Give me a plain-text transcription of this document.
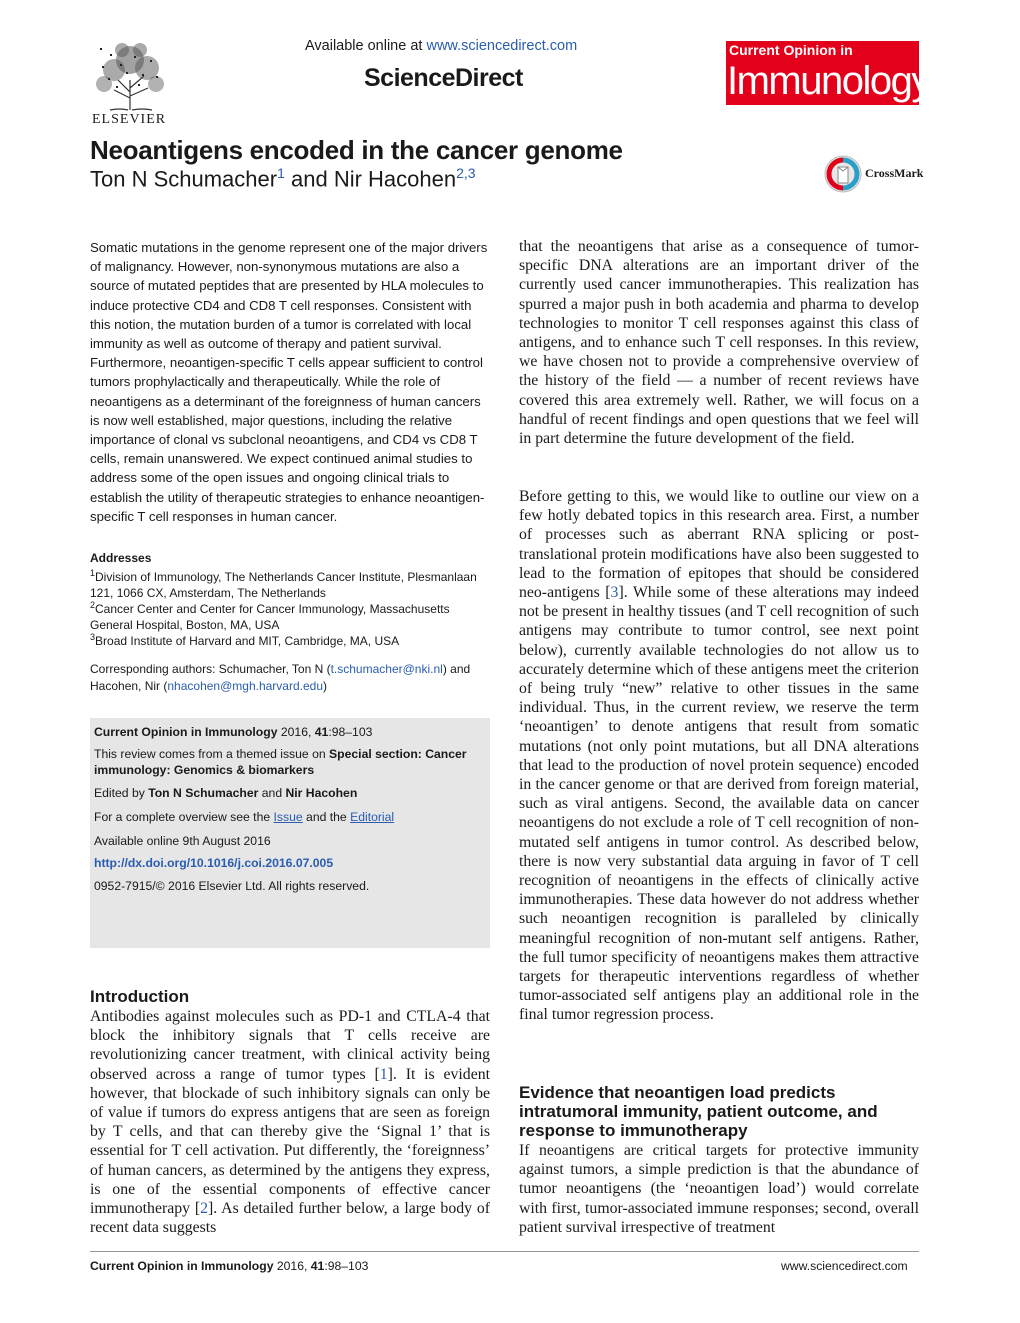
ELSEVIER
Available online at www.sciencedirect.com
ScienceDirect
Current Opinion in
Immunology
Neoantigens encoded in the cancer genome
Ton N Schumacher$^1$ and Nir Hacohen$^{2,3}$	CrossMark
Somatic mutations in the genome represent one of the major drivers of malignancy. However, non-synonymous mutations are also a source of mutated peptides that are presented by HLA molecules to induce protective CD4 and CD8 T cell responses. Consistent with this notion, the mutation burden of a tumor is correlated with local immunity as well as outcome of therapy and patient survival. Furthermore, neoantigen-specific T cells appear sufficient to control tumors prophylactically and therapeutically. While the role of neoantigens as a determinant of the foreignness of human cancers is now well established, major questions, including the relative importance of clonal vs subclonal neoantigens, and CD4 vs CD8 T cells, remain unanswered. We expect continued animal studies to address some of the open issues and ongoing clinical trials to establish the utility of therapeutic strategies to enhance neoantigen-specific T cell responses in human cancer.
Addresses
$^1$Division of Immunology, The Netherlands Cancer Institute, Plesmanlaan 121, 1066 CX, Amsterdam, The Netherlands
$^2$Cancer Center and Center for Cancer Immunology, Massachusetts General Hospital, Boston, MA, USA
$^3$Broad Institute of Harvard and MIT, Cambridge, MA, USA
Corresponding authors: Schumacher, Ton N (t.schumacher@nki.nl) and Hacohen, Nir (nhacohen@mgh.harvard.edu)
Current Opinion in Immunology 2016, 41:98–103
This review comes from a themed issue on Special section: Cancer immunology: Genomics & biomarkers
Edited by Ton N Schumacher and Nir Hacohen
For a complete overview see the Issue and the Editorial
Available online 9th August 2016
http://dx.doi.org/10.1016/j.coi.2016.07.005
0952-7915/© 2016 Elsevier Ltd. All rights reserved.
Introduction
Antibodies against molecules such as PD-1 and CTLA-4 that block the inhibitory signals that T cells receive are revolutionizing cancer treatment, with clinical activity being observed across a range of tumor types [1]. It is evident however, that blockade of such inhibitory signals can only be of value if tumors do express antigens that are seen as foreign by T cells, and that can thereby give the ‘Signal 1’ that is essential for T cell activation. Put differently, the ‘foreignness’ of human cancers, as determined by the antigens they express, is one of the essential components of effective cancer immunotherapy [2]. As detailed further below, a large body of recent data suggests
that the neoantigens that arise as a consequence of tumor-specific DNA alterations are an important driver of the currently used cancer immunotherapies. This realization has spurred a major push in both academia and pharma to develop technologies to monitor T cell responses against this class of antigens, and to enhance such T cell responses. In this review, we have chosen not to provide a comprehensive overview of the history of the field — a number of recent reviews have covered this area extremely well. Rather, we will focus on a handful of recent findings and open questions that we feel will in part determine the future development of the field.
Before getting to this, we would like to outline our view on a few hotly debated topics in this research area. First, a number of processes such as aberrant RNA splicing or post-translational protein modifications have also been suggested to lead to the formation of epitopes that should be considered neo-antigens [3]. While some of these alterations may indeed not be present in healthy tissues (and T cell recognition of such antigens may contribute to tumor control, see next point below), currently available technologies do not allow us to accurately determine which of these antigens meet the criterion of being truly “new” relative to other tissues in the same individual. Thus, in the current review, we reserve the term ‘neoantigen’ to denote antigens that result from somatic mutations (not only point mutations, but all DNA alterations that lead to the production of novel protein sequence) encoded in the cancer genome or that are derived from foreign material, such as viral antigens. Second, the available data on cancer neoantigens do not exclude a role of T cell recognition of non-mutated self antigens in tumor control. As described below, there is now very substantial data arguing in favor of T cell recognition of neoantigens in the effects of clinically active immunotherapies. These data however do not address whether such neoantigen recognition is paralleled by clinically meaningful recognition of non-mutant self antigens. Rather, the full tumor specificity of neoantigens makes them attractive targets for therapeutic interventions regardless of whether tumor-associated self antigens play an additional role in the final tumor regression process.
Evidence that neoantigen load predicts intratumoral immunity, patient outcome, and response to immunotherapy
If neoantigens are critical targets for protective immunity against tumors, a simple prediction is that the abundance of tumor neoantigens (the ‘neoantigen load’) would correlate with first, tumor-associated immune responses; second, overall patient survival irrespective of treatment
Current Opinion in Immunology 2016, 41:98–103	www.sciencedirect.com
